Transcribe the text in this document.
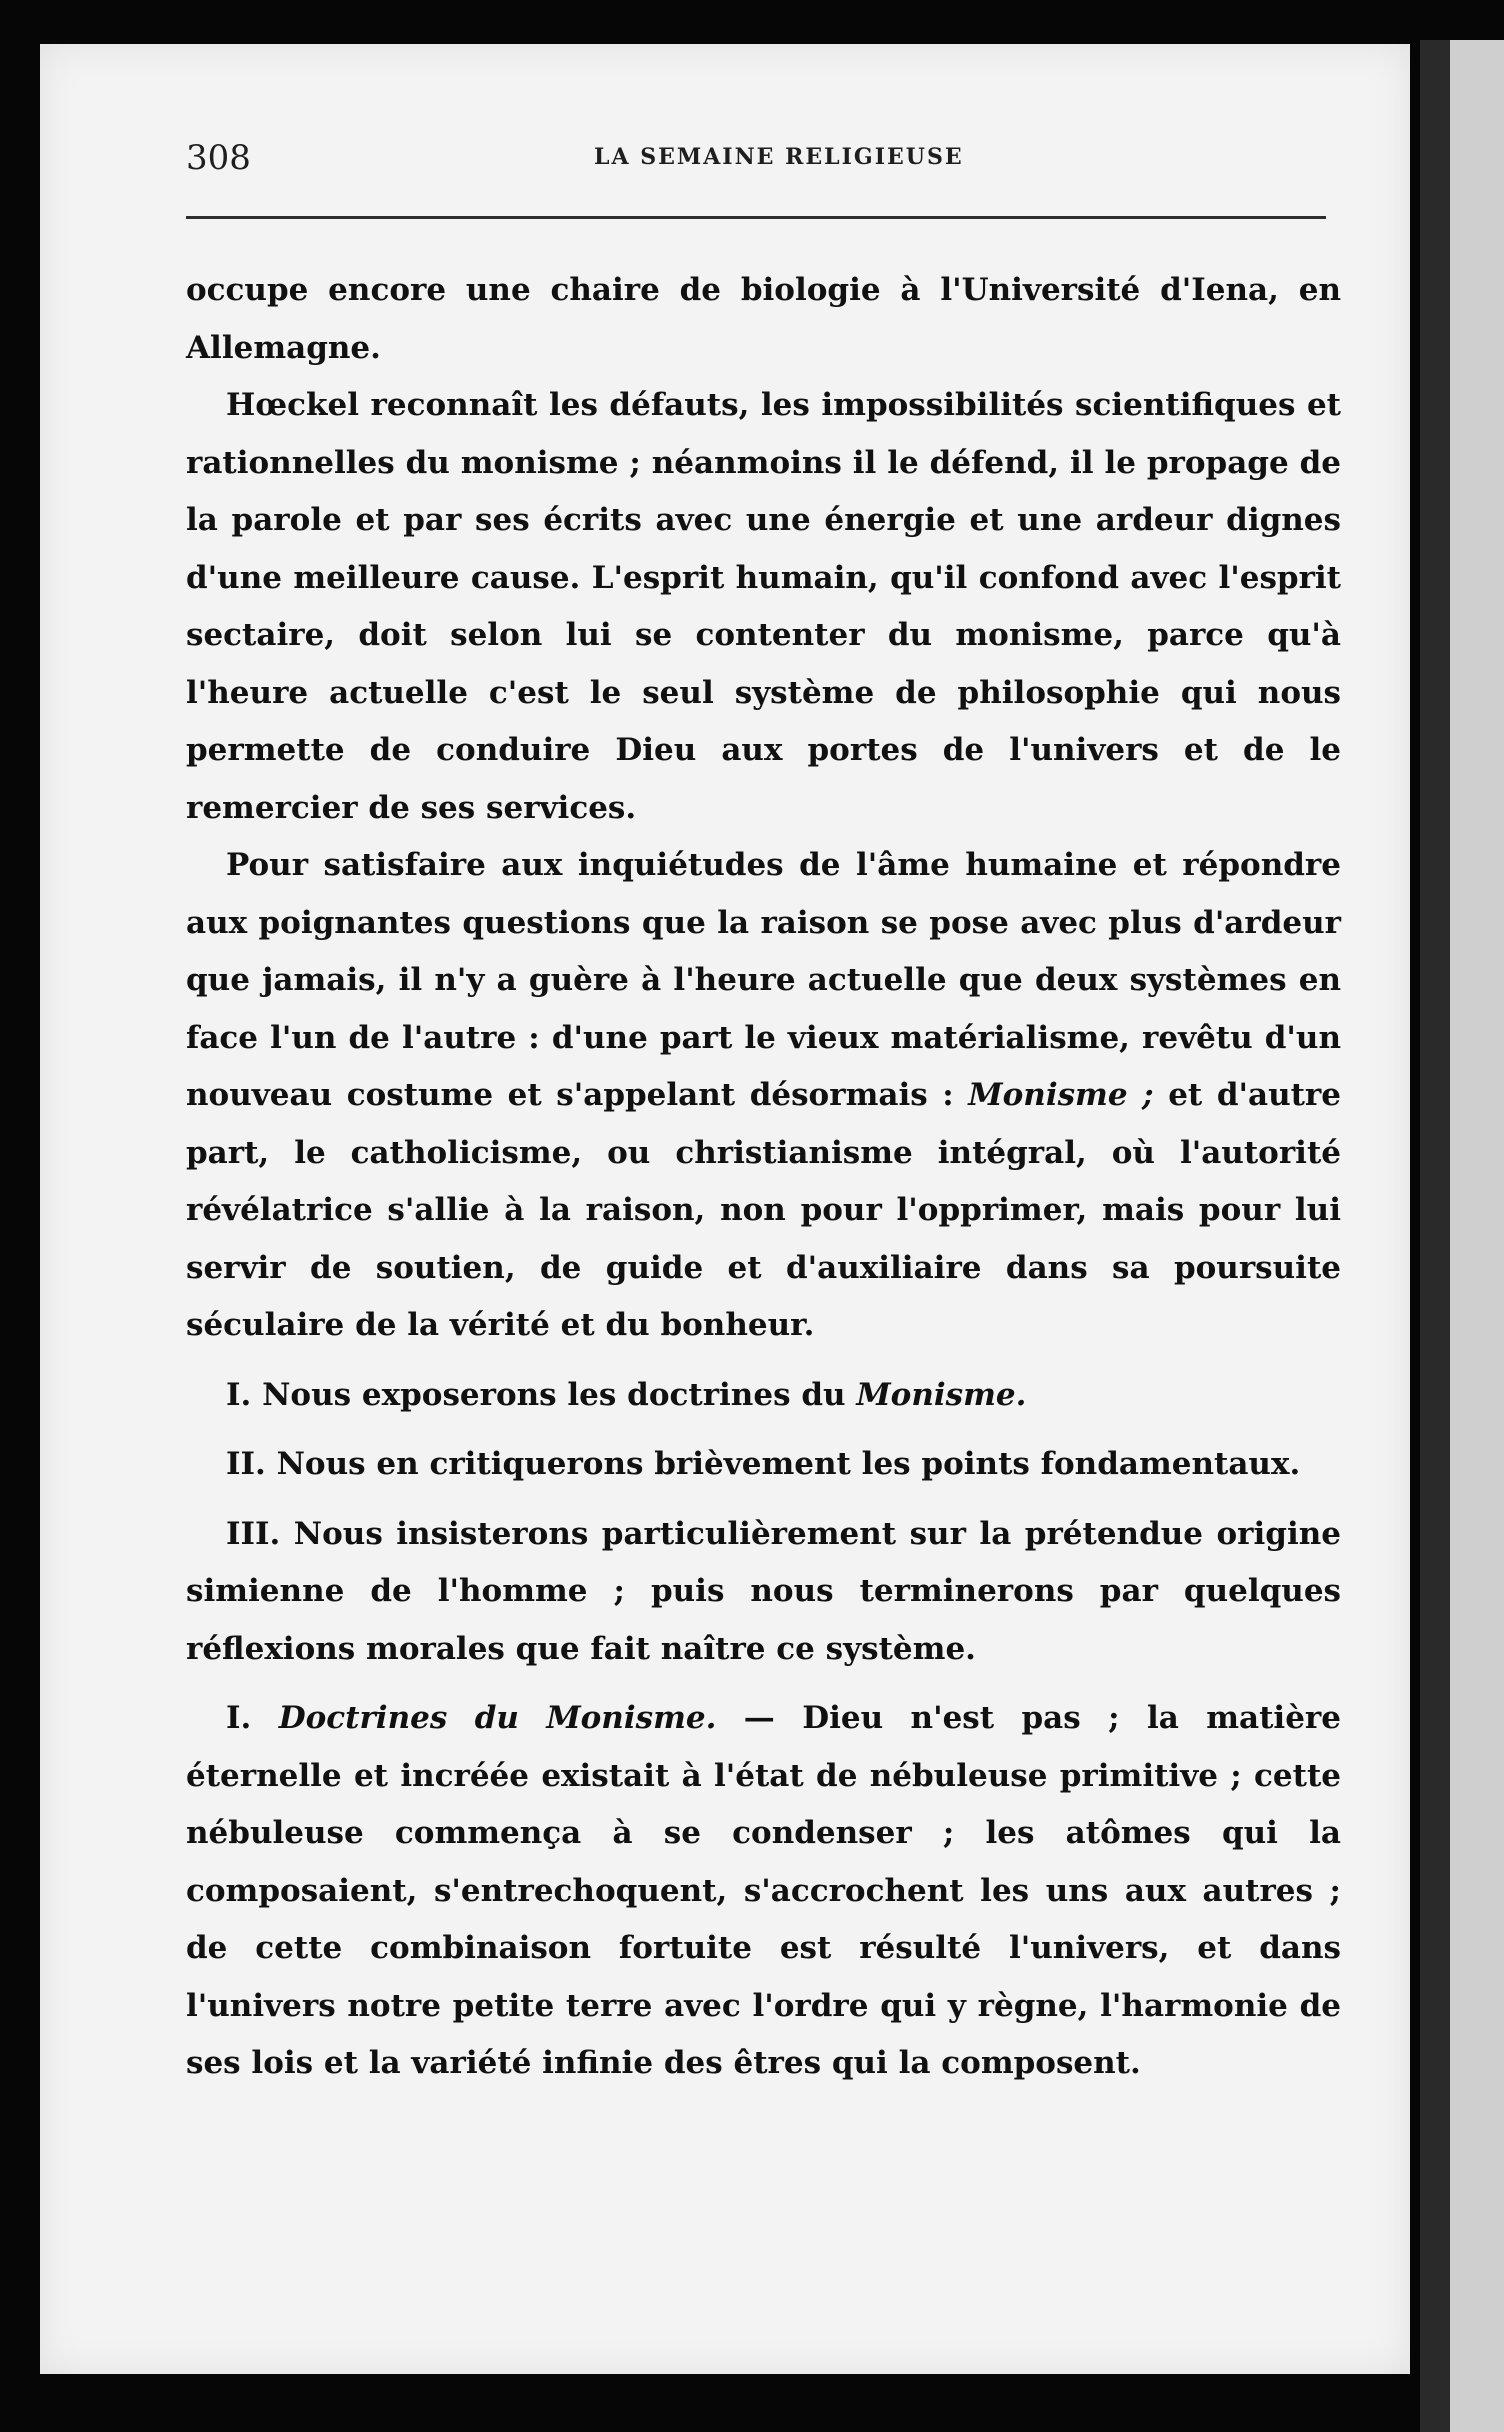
308	LA SEMAINE RELIGIEUSE

occupe encore une chaire de biologie à l'Université d'Iena, en Allemagne.

Hœckel reconnaît les défauts, les impossibilités scientifiques et rationnelles du monisme ; néanmoins il le défend, il le propage de la parole et par ses écrits avec une énergie et une ardeur dignes d'une meilleure cause. L'esprit humain, qu'il confond avec l'esprit sectaire, doit selon lui se contenter du monisme, parce qu'à l'heure actuelle c'est le seul système de philosophie qui nous permette de conduire Dieu aux portes de l'univers et de le remercier de ses services.

Pour satisfaire aux inquiétudes de l'âme humaine et répondre aux poignantes questions que la raison se pose avec plus d'ardeur que jamais, il n'y a guère à l'heure actuelle que deux systèmes en face l'un de l'autre : d'une part le vieux matérialisme, revêtu d'un nouveau costume et s'appelant désormais : Monisme ; et d'autre part, le catholicisme, ou christianisme intégral, où l'autorité révélatrice s'allie à la raison, non pour l'opprimer, mais pour lui servir de soutien, de guide et d'auxiliaire dans sa poursuite séculaire de la vérité et du bonheur.

I. Nous exposerons les doctrines du Monisme.

II. Nous en critiquerons brièvement les points fondamentaux.

III. Nous insisterons particulièrement sur la prétendue origine simienne de l'homme ; puis nous terminerons par quelques réflexions morales que fait naître ce système.

I. Doctrines du Monisme. — Dieu n'est pas ; la matière éternelle et incréée existait à l'état de nébuleuse primitive ; cette nébuleuse commença à se condenser ; les atômes qui la composaient, s'entrechoquent, s'accrochent les uns aux autres ; de cette combinaison fortuite est résulté l'univers, et dans l'univers notre petite terre avec l'ordre qui y règne, l'harmonie de ses lois et la variété infinie des êtres qui la composent.
